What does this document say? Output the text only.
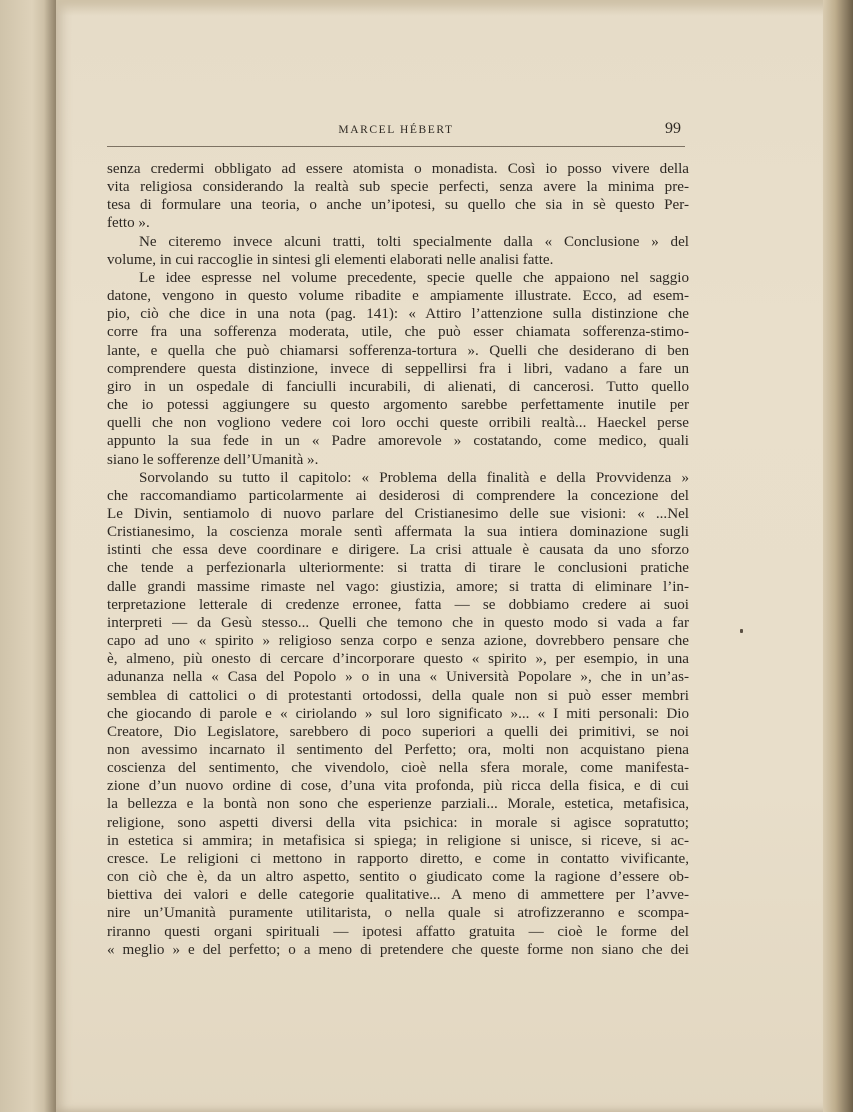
MARCEL HÉBERT	99
senza credermi obbligato ad essere atomista o monadista. Così io posso vivere della
vita religiosa considerando la realtà sub specie perfecti, senza avere la minima pre-
tesa di formulare una teoria, o anche un’ipotesi, su quello che sia in sè questo Per-
fetto ».
Ne citeremo invece alcuni tratti, tolti specialmente dalla « Conclusione » del
volume, in cui raccoglie in sintesi gli elementi elaborati nelle analisi fatte.
Le idee espresse nel volume precedente, specie quelle che appaiono nel saggio
datone, vengono in questo volume ribadite e ampiamente illustrate. Ecco, ad esem-
pio, ciò che dice in una nota (pag. 141): « Attiro l’attenzione sulla distinzione che
corre fra una sofferenza moderata, utile, che può esser chiamata sofferenza-stimo-
lante, e quella che può chiamarsi sofferenza-tortura ». Quelli che desiderano di ben
comprendere questa distinzione, invece di seppellirsi fra i libri, vadano a fare un
giro in un ospedale di fanciulli incurabili, di alienati, di cancerosi. Tutto quello
che io potessi aggiungere su questo argomento sarebbe perfettamente inutile per
quelli che non vogliono vedere coi loro occhi queste orribili realtà... Haeckel perse
appunto la sua fede in un « Padre amorevole » costatando, come medico, quali
siano le sofferenze dell’Umanità ».
Sorvolando su tutto il capitolo: « Problema della finalità e della Provvidenza »
che raccomandiamo particolarmente ai desiderosi di comprendere la concezione del
Le Divin, sentiamolo di nuovo parlare del Cristianesimo delle sue visioni: « ...Nel
Cristianesimo, la coscienza morale sentì affermata la sua intiera dominazione sugli
istinti che essa deve coordinare e dirigere. La crisi attuale è causata da uno sforzo
che tende a perfezionarla ulteriormente: si tratta di tirare le conclusioni pratiche
dalle grandi massime rimaste nel vago: giustizia, amore; si tratta di eliminare l’in-
terpretazione letterale di credenze erronee, fatta — se dobbiamo credere ai suoi
interpreti — da Gesù stesso... Quelli che temono che in questo modo si vada a far
capo ad uno « spirito » religioso senza corpo e senza azione, dovrebbero pensare che
è, almeno, più onesto di cercare d’incorporare questo « spirito », per esempio, in una
adunanza nella « Casa del Popolo » o in una « Università Popolare », che in un’as-
semblea di cattolici o di protestanti ortodossi, della quale non si può esser membri
che giocando di parole e « ciriolando » sul loro significato »... « I miti personali: Dio
Creatore, Dio Legislatore, sarebbero di poco superiori a quelli dei primitivi, se noi
non avessimo incarnato il sentimento del Perfetto; ora, molti non acquistano piena
coscienza del sentimento, che vivendolo, cioè nella sfera morale, come manifesta-
zione d’un nuovo ordine di cose, d’una vita profonda, più ricca della fisica, e di cui
la bellezza e la bontà non sono che esperienze parziali... Morale, estetica, metafisica,
religione, sono aspetti diversi della vita psichica: in morale si agisce sopratutto;
in estetica si ammira; in metafisica si spiega; in religione si unisce, si riceve, si ac-
cresce. Le religioni ci mettono in rapporto diretto, e come in contatto vivificante,
con ciò che è, da un altro aspetto, sentito o giudicato come la ragione d’essere ob-
biettiva dei valori e delle categorie qualitative... A meno di ammettere per l’avve-
nire un’Umanità puramente utilitarista, o nella quale si atrofizzeranno e scompa-
riranno questi organi spirituali — ipotesi affatto gratuita — cioè le forme del
« meglio » e del perfetto; o a meno di pretendere che queste forme non siano che dei
